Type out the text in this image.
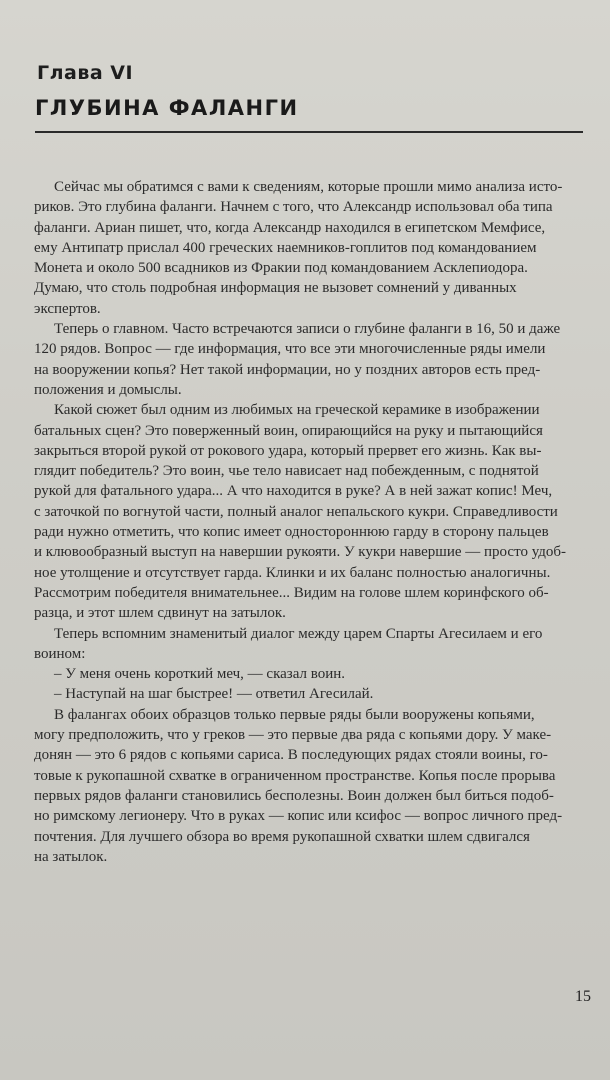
Глава VI
ГЛУБИНА ФАЛАНГИ
Сейчас мы обратимся с вами к сведениям, которые прошли мимо анализа исто-
риков. Это глубина фаланги. Начнем с того, что Александр использовал оба типа
фаланги. Ариан пишет, что, когда Александр находился в египетском Мемфисе,
ему Антипатр прислал 400 греческих наемников-гоплитов под командованием
Монета и около 500 всадников из Фракии под командованием Асклепиодора.
Думаю, что столь подробная информация не вызовет сомнений у диванных
экспертов.
Теперь о главном. Часто встречаются записи о глубине фаланги в 16, 50 и даже
120 рядов. Вопрос — где информация, что все эти многочисленные ряды имели
на вооружении копья? Нет такой информации, но у поздних авторов есть пред-
положения и домыслы.
Какой сюжет был одним из любимых на греческой керамике в изображении
батальных сцен? Это поверженный воин, опирающийся на руку и пытающийся
закрыться второй рукой от рокового удара, который прервет его жизнь. Как вы-
глядит победитель? Это воин, чье тело нависает над побежденным, с поднятой
рукой для фатального удара... А что находится в руке? А в ней зажат копис! Меч,
с заточкой по вогнутой части, полный аналог непальского кукри. Справедливости
ради нужно отметить, что копис имеет одностороннюю гарду в сторону пальцев
и клювообразный выступ на навершии рукояти. У кукри навершие — просто удоб-
ное утолщение и отсутствует гарда. Клинки и их баланс полностью аналогичны.
Рассмотрим победителя внимательнее... Видим на голове шлем коринфского об-
разца, и этот шлем сдвинут на затылок.
Теперь вспомним знаменитый диалог между царем Спарты Агесилаем и его
воином:
– У меня очень короткий меч, — сказал воин.
– Наступай на шаг быстрее! — ответил Агесилай.
В фалангах обоих образцов только первые ряды были вооружены копьями,
могу предположить, что у греков — это первые два ряда с копьями дору. У маке-
донян — это 6 рядов с копьями сариса. В последующих рядах стояли воины, го-
товые к рукопашной схватке в ограниченном пространстве. Копья после прорыва
первых рядов фаланги становились бесполезны. Воин должен был биться подоб-
но римскому легионеру. Что в руках — копис или ксифос — вопрос личного пред-
почтения. Для лучшего обзора во время рукопашной схватки шлем сдвигался
на затылок.
15
